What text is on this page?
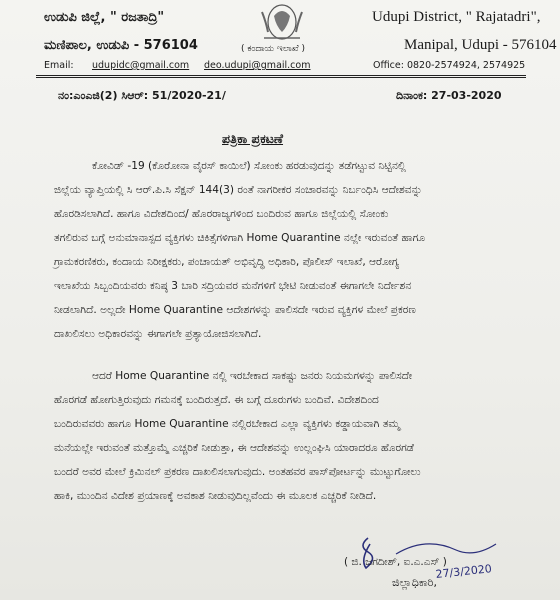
ಉಡುಪಿ ಜಿಲ್ಲೆ, " ರಜತಾದ್ರಿ"
ಮಣಿಪಾಲ, ಉಡುಪಿ - 576104
Udupi District, " Rajatadri",
Manipal, Udupi - 576104
( ಕಂದಾಯ ಇಲಾಖೆ )
Email: udupidc@gmail.com deo.udupi@gmail.com	Office: 0820-2574924, 2574925
ನಂ:ಎಂಎಜಿ(2) ಸಿಆರ್: 51/2020-21/	ದಿನಾಂಕ: 27-03-2020
ಪತ್ರಿಕಾ ಪ್ರಕಟಣೆ
ಕೋವಿಡ್ -19 (ಕೊರೋನಾ ವೈರಸ್ ಕಾಯಿಲೆ) ಸೋಂಕು ಹರಡುವುದನ್ನು ತಡೆಗಟ್ಟುವ ನಿಟ್ಟಿನಲ್ಲಿ
ಜಿಲ್ಲೆಯ ವ್ಯಾಪ್ತಿಯಲ್ಲಿ ಸಿ ಆರ್.ಪಿ.ಸಿ ಸೆಕ್ಷನ್ 144(3) ರಂತೆ ನಾಗರೀಕರ ಸಂಚಾರವನ್ನು ನಿರ್ಬಂಧಿಸಿ ಆದೇಶವನ್ನು
ಹೊರಡಿಸಲಾಗಿದೆ. ಹಾಗೂ ವಿದೇಶದಿಂದ/ ಹೊರರಾಜ್ಯಗಳಿಂದ ಬಂದಿರುವ ಹಾಗೂ ಜಿಲ್ಲೆಯಲ್ಲಿ ಸೋಂಕು
ತಗಲಿರುವ ಬಗ್ಗೆ ಅನುಮಾನಾಸ್ಪದ ವ್ಯಕ್ತಿಗಳು ಚಿಕಿತ್ಸೆಗಳಿಗಾಗಿ Home Quarantine ನಲ್ಲೇ ಇರುವಂತೆ ಹಾಗೂ
ಗ್ರಾಮಕರಣಿಕರು, ಕಂದಾಯ ನಿರೀಕ್ಷಕರು, ಪಂಚಾಯತ್ ಅಭಿವೃದ್ಧಿ ಅಧಿಕಾರಿ, ಪೊಲೀಸ್ ಇಲಾಖೆ, ಆರೋಗ್ಯ
ಇಲಾಖೆಯ ಸಿಬ್ಬಂದಿಯವರು ಕನಿಷ್ಠ 3 ಬಾರಿ ಸದ್ರಿಯವರ ಮನೆಗಳಿಗೆ ಭೇಟಿ ನೀಡುವಂತೆ ಈಗಾಗಲೇ ನಿರ್ದೇಶನ
ನೀಡಲಾಗಿದೆ. ಅಲ್ಲದೇ Home Quarantine ಆದೇಶಗಳನ್ನು ಪಾಲಿಸದೇ ಇರುವ ವ್ಯಕ್ತಿಗಳ ಮೇಲೆ ಪ್ರಕರಣ
ದಾಖಲಿಸಲು ಅಧಿಕಾರವನ್ನು ಈಗಾಗಲೇ ಪ್ರತ್ಯಾಯೋಜಿಸಲಾಗಿದೆ.
ಆದರೆ Home Quarantine ನಲ್ಲಿ ಇರಬೇಕಾದ ಸಾಕಷ್ಟು ಜನರು ನಿಯಮಗಳನ್ನು ಪಾಲಿಸದೇ
ಹೊರಗಡೆ ಹೋಗುತ್ತಿರುವುದು ಗಮನಕ್ಕೆ ಬಂದಿರುತ್ತದೆ. ಈ ಬಗ್ಗೆ ದೂರುಗಳು ಬಂದಿವೆ. ವಿದೇಶದಿಂದ
ಬಂದಿರುವವರು ಹಾಗೂ Home Quarantine ನಲ್ಲಿರಬೇಕಾದ ಎಲ್ಲಾ ವ್ಯಕ್ತಿಗಳು ಕಡ್ಡಾಯವಾಗಿ ತಮ್ಮ
ಮನೆಯಲ್ಲೇ ಇರುವಂತೆ ಮತ್ತೊಮ್ಮೆ ಎಚ್ಚರಿಕೆ ನೀಡುತ್ತಾ, ಈ ಆದೇಶವನ್ನು ಉಲ್ಲಂಘಿಸಿ ಯಾರಾದರೂ ಹೊರಗಡೆ
ಬಂದರೆ ಅವರ ಮೇಲೆ ಕ್ರಿಮಿನಲ್ ಪ್ರಕರಣ ದಾಖಲಿಸಲಾಗುವುದು. ಅಂತಹವರ ಪಾಸ್‌ಪೋರ್ಟನ್ನು ಮುಟ್ಟುಗೋಲು
ಹಾಕಿ, ಮುಂದಿನ ವಿದೇಶ ಪ್ರಯಾಣಕ್ಕೆ ಅವಕಾಶ ನೀಡುವುದಿಲ್ಲವೆಂದು ಈ ಮೂಲಕ ಎಚ್ಚರಿಕೆ ನೀಡಿದೆ.
27/3/2020
( ಜಿ. ಜಗದೀಶ್, ಐ.ಎ.ಎಸ್ )
ಜಿಲ್ಲಾಧಿಕಾರಿ,
